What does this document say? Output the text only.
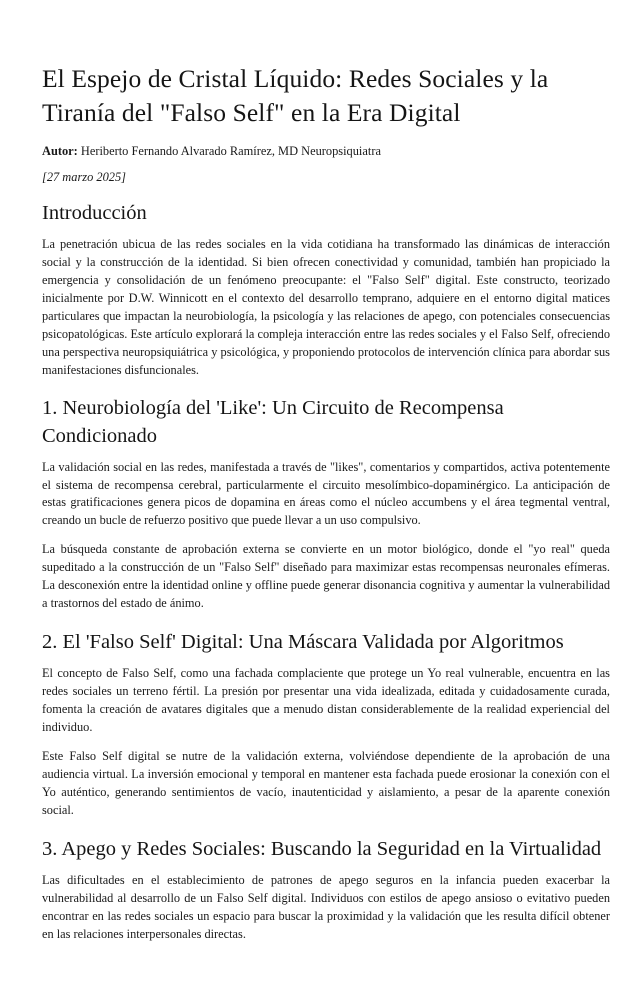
El Espejo de Cristal Líquido: Redes Sociales y la Tiranía del "Falso Self" en la Era Digital

Autor: Heriberto Fernando Alvarado Ramírez, MD Neuropsiquiatra

[27 marzo 2025]

Introducción

La penetración ubicua de las redes sociales en la vida cotidiana ha transformado las dinámicas de interacción social y la construcción de la identidad. Si bien ofrecen conectividad y comunidad, también han propiciado la emergencia y consolidación de un fenómeno preocupante: el "Falso Self" digital. Este constructo, teorizado inicialmente por D.W. Winnicott en el contexto del desarrollo temprano, adquiere en el entorno digital matices particulares que impactan la neurobiología, la psicología y las relaciones de apego, con potenciales consecuencias psicopatológicas. Este artículo explorará la compleja interacción entre las redes sociales y el Falso Self, ofreciendo una perspectiva neuropsiquiátrica y psicológica, y proponiendo protocolos de intervención clínica para abordar sus manifestaciones disfuncionales.

1. Neurobiología del 'Like': Un Circuito de Recompensa Condicionado

La validación social en las redes, manifestada a través de "likes", comentarios y compartidos, activa potentemente el sistema de recompensa cerebral, particularmente el circuito mesolímbico-dopaminérgico. La anticipación de estas gratificaciones genera picos de dopamina en áreas como el núcleo accumbens y el área tegmental ventral, creando un bucle de refuerzo positivo que puede llevar a un uso compulsivo.

La búsqueda constante de aprobación externa se convierte en un motor biológico, donde el "yo real" queda supeditado a la construcción de un "Falso Self" diseñado para maximizar estas recompensas neuronales efímeras. La desconexión entre la identidad online y offline puede generar disonancia cognitiva y aumentar la vulnerabilidad a trastornos del estado de ánimo.

2. El 'Falso Self' Digital: Una Máscara Validada por Algoritmos

El concepto de Falso Self, como una fachada complaciente que protege un Yo real vulnerable, encuentra en las redes sociales un terreno fértil. La presión por presentar una vida idealizada, editada y cuidadosamente curada, fomenta la creación de avatares digitales que a menudo distan considerablemente de la realidad experiencial del individuo.

Este Falso Self digital se nutre de la validación externa, volviéndose dependiente de la aprobación de una audiencia virtual. La inversión emocional y temporal en mantener esta fachada puede erosionar la conexión con el Yo auténtico, generando sentimientos de vacío, inautenticidad y aislamiento, a pesar de la aparente conexión social.

3. Apego y Redes Sociales: Buscando la Seguridad en la Virtualidad

Las dificultades en el establecimiento de patrones de apego seguros en la infancia pueden exacerbar la vulnerabilidad al desarrollo de un Falso Self digital. Individuos con estilos de apego ansioso o evitativo pueden encontrar en las redes sociales un espacio para buscar la proximidad y la validación que les resulta difícil obtener en las relaciones interpersonales directas.
